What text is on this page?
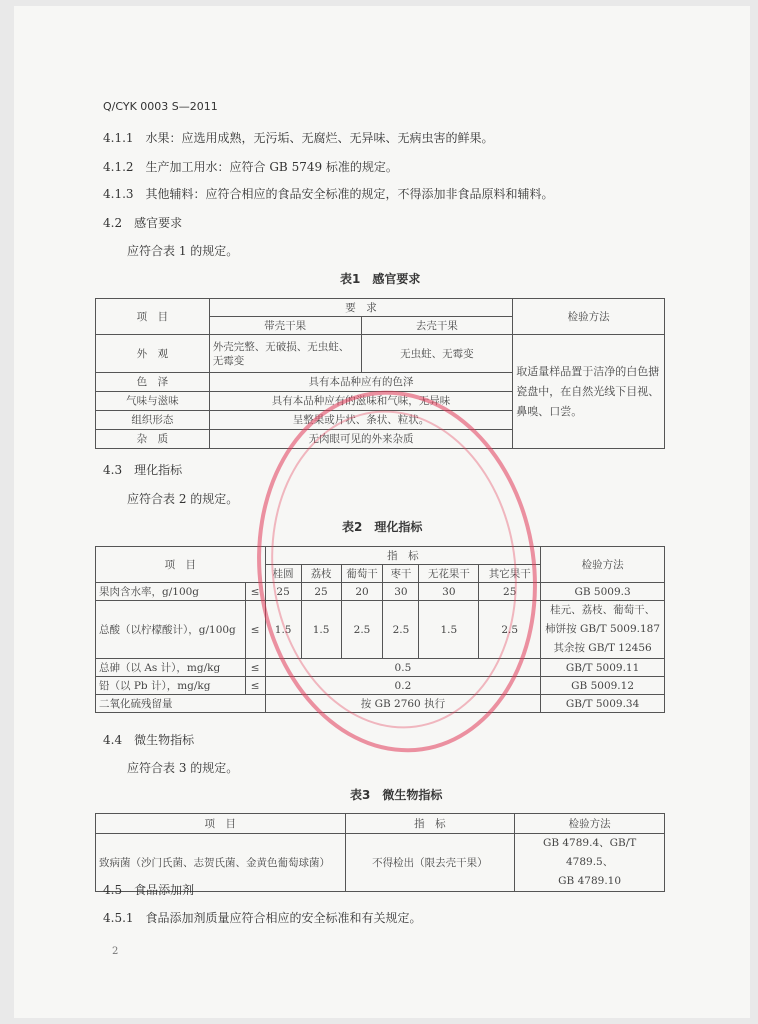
Q/CYK 0003 S—2011
4.1.1　水果：应选用成熟，无污垢、无腐烂、无异味、无病虫害的鲜果。
4.1.2　生产加工用水：应符合 GB 5749 标准的规定。
4.1.3　其他辅料：应符合相应的食品安全标准的规定，不得添加非食品原料和辅料。
4.2　感官要求
应符合表 1 的规定。
表1　感官要求
项　目	要　求		检验方法
	带壳干果	去壳干果	
外　观	外壳完整、无破损、无虫蛀、无霉变	无虫蛀、无霉变	取适量样品置于洁净的白色搪瓷盘中，在自然光线下目视、鼻嗅、口尝。
色　泽	具有本品种应有的色泽		
气味与滋味	具有本品种应有的滋味和气味，无异味		
组织形态	呈整果或片状、条状、粒状。		
杂　质	无肉眼可见的外来杂质		
4.3　理化指标
应符合表 2 的规定。
表2　理化指标
项　目		指　标						检验方法
		桂圆	荔枝	葡萄干	枣干	无花果干	其它果干	
果肉含水率，g/100g	≤	25	25	20	30	30	25	GB 5009.3
总酸（以柠檬酸计），g/100g	≤	1.5	1.5	2.5	2.5	1.5	2.5	桂元、荔枝、葡萄干、
柿饼按 GB/T 5009.187
其余按 GB/T 12456

总砷（以 As 计），mg/kg	≤	0.5						GB/T 5009.11
铅（以 Pb 计），mg/kg	≤	0.2						GB 5009.12
二氧化硫残留量		按 GB 2760 执行						GB/T 5009.34
4.4　微生物指标
应符合表 3 的规定。
表3　微生物指标
项　目	指　标	检验方法
致病菌（沙门氏菌、志贺氏菌、金黄色葡萄球菌）	不得检出（限去壳干果）	GB 4789.4、GB/T 4789.5、
GB 4789.10
4.5　食品添加剂
4.5.1　食品添加剂质量应符合相应的安全标准和有关规定。
2
